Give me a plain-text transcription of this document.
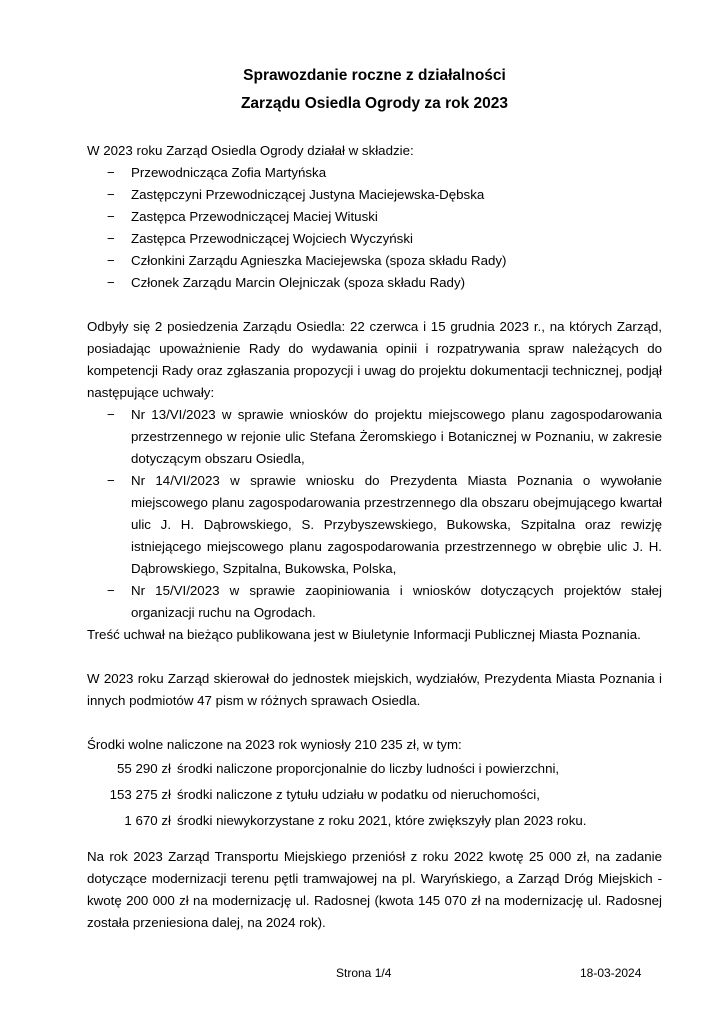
Sprawozdanie roczne z działalności
Zarządu Osiedla Ogrody za rok 2023

W 2023 roku Zarząd Osiedla Ogrody działał w składzie:

− Przewodnicząca Zofia Martyńska
− Zastępczyni Przewodniczącej Justyna Maciejewska-Dębska
− Zastępca Przewodniczącej Maciej Wituski
− Zastępca Przewodniczącej Wojciech Wyczyński
− Członkini Zarządu Agnieszka Maciejewska (spoza składu Rady)
− Członek Zarządu Marcin Olejniczak (spoza składu Rady)

Odbyły się 2 posiedzenia Zarządu Osiedla: 22 czerwca i 15 grudnia 2023 r., na których Zarząd, posiadając upoważnienie Rady do wydawania opinii i rozpatrywania spraw należących do kompetencji Rady oraz zgłaszania propozycji i uwag do projektu dokumentacji technicznej, podjął następujące uchwały:

− Nr 13/VI/2023 w sprawie wniosków do projektu miejscowego planu zagospodarowania przestrzennego w rejonie ulic Stefana Żeromskiego i Botanicznej w Poznaniu, w zakresie dotyczącym obszaru Osiedla,
− Nr 14/VI/2023 w sprawie wniosku do Prezydenta Miasta Poznania o wywołanie miejscowego planu zagospodarowania przestrzennego dla obszaru obejmującego kwartał ulic J. H. Dąbrowskiego, S. Przybyszewskiego, Bukowska, Szpitalna oraz rewizję istniejącego miejscowego planu zagospodarowania przestrzennego w obrębie ulic J. H. Dąbrowskiego, Szpitalna, Bukowska, Polska,
− Nr 15/VI/2023 w sprawie zaopiniowania i wniosków dotyczących projektów stałej organizacji ruchu na Ogrodach.

Treść uchwał na bieżąco publikowana jest w Biuletynie Informacji Publicznej Miasta Poznania.

W 2023 roku Zarząd skierował do jednostek miejskich, wydziałów, Prezydenta Miasta Poznania i innych podmiotów 47 pism w różnych sprawach Osiedla.

Środki wolne naliczone na 2023 rok wyniosły 210 235 zł, w tym:

55 290 zł środki naliczone proporcjonalnie do liczby ludności i powierzchni,
153 275 zł środki naliczone z tytułu udziału w podatku od nieruchomości,
1 670 zł środki niewykorzystane z roku 2021, które zwiększyły plan 2023 roku.

Na rok 2023 Zarząd Transportu Miejskiego przeniósł z roku 2022 kwotę 25 000 zł, na zadanie dotyczące modernizacji terenu pętli tramwajowej na pl. Waryńskiego, a Zarząd Dróg Miejskich - kwotę 200 000 zł na modernizację ul. Radosnej (kwota 145 070 zł na modernizację ul. Radosnej została przeniesiona dalej, na 2024 rok).

Strona 1/4	18-03-2024
